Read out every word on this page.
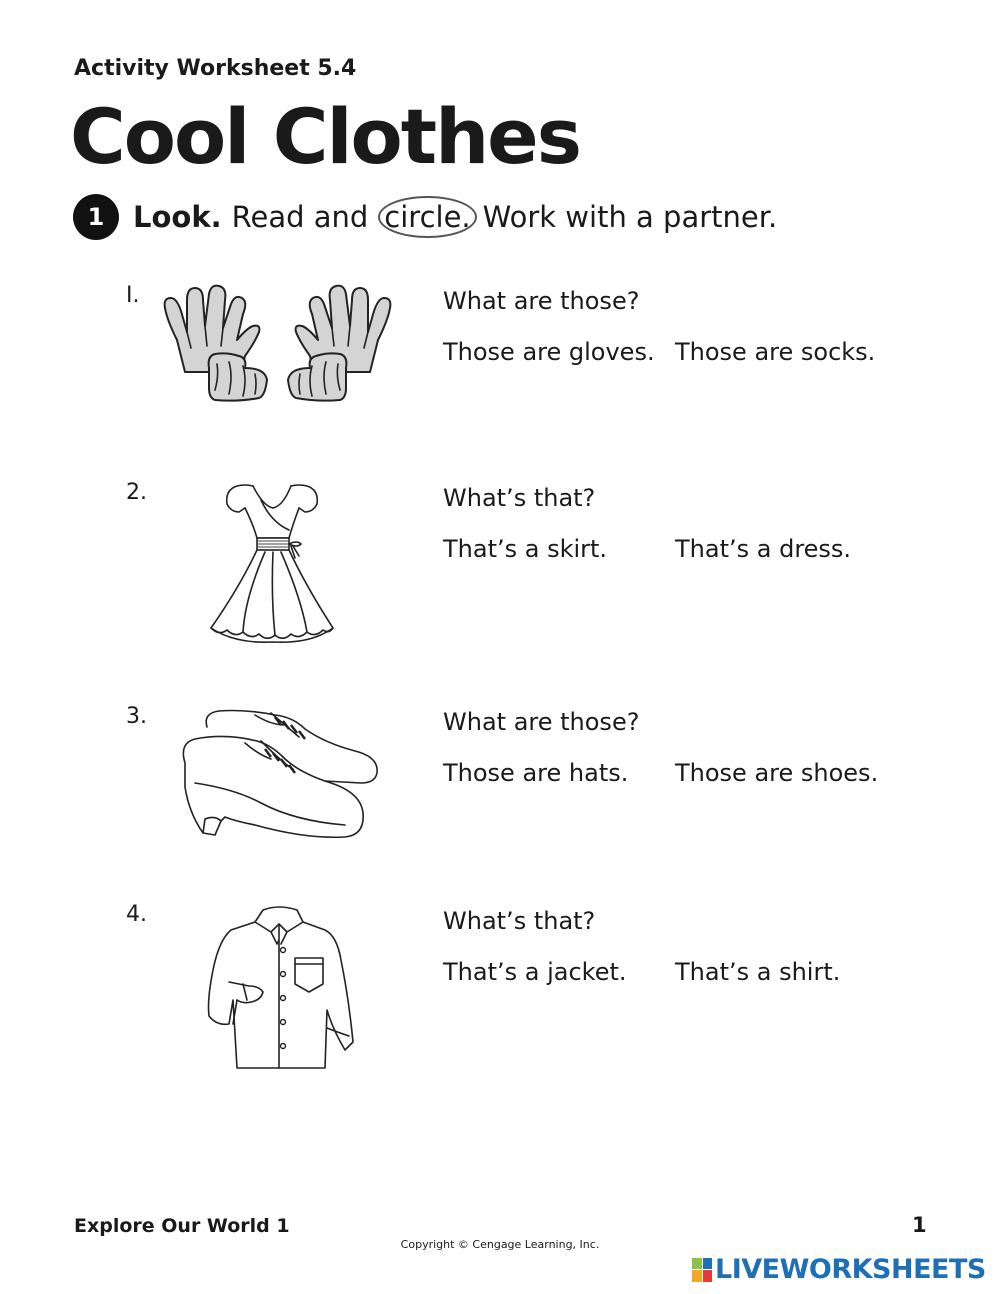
Activity Worksheet 5.4
Cool Clothes
1 Look. Read and circle. Work with a partner.
I.	What are those?
Those are gloves. Those are socks.
2.	What’s that?
That’s a skirt.	That’s a dress.
3.	What are those?
Those are hats. Those are shoes.
4.	What’s that?
That’s a jacket. That’s a shirt.
Explore Our World 1	1
Copyright © Cengage Learning, Inc.
LIVEWORKSHEETS
